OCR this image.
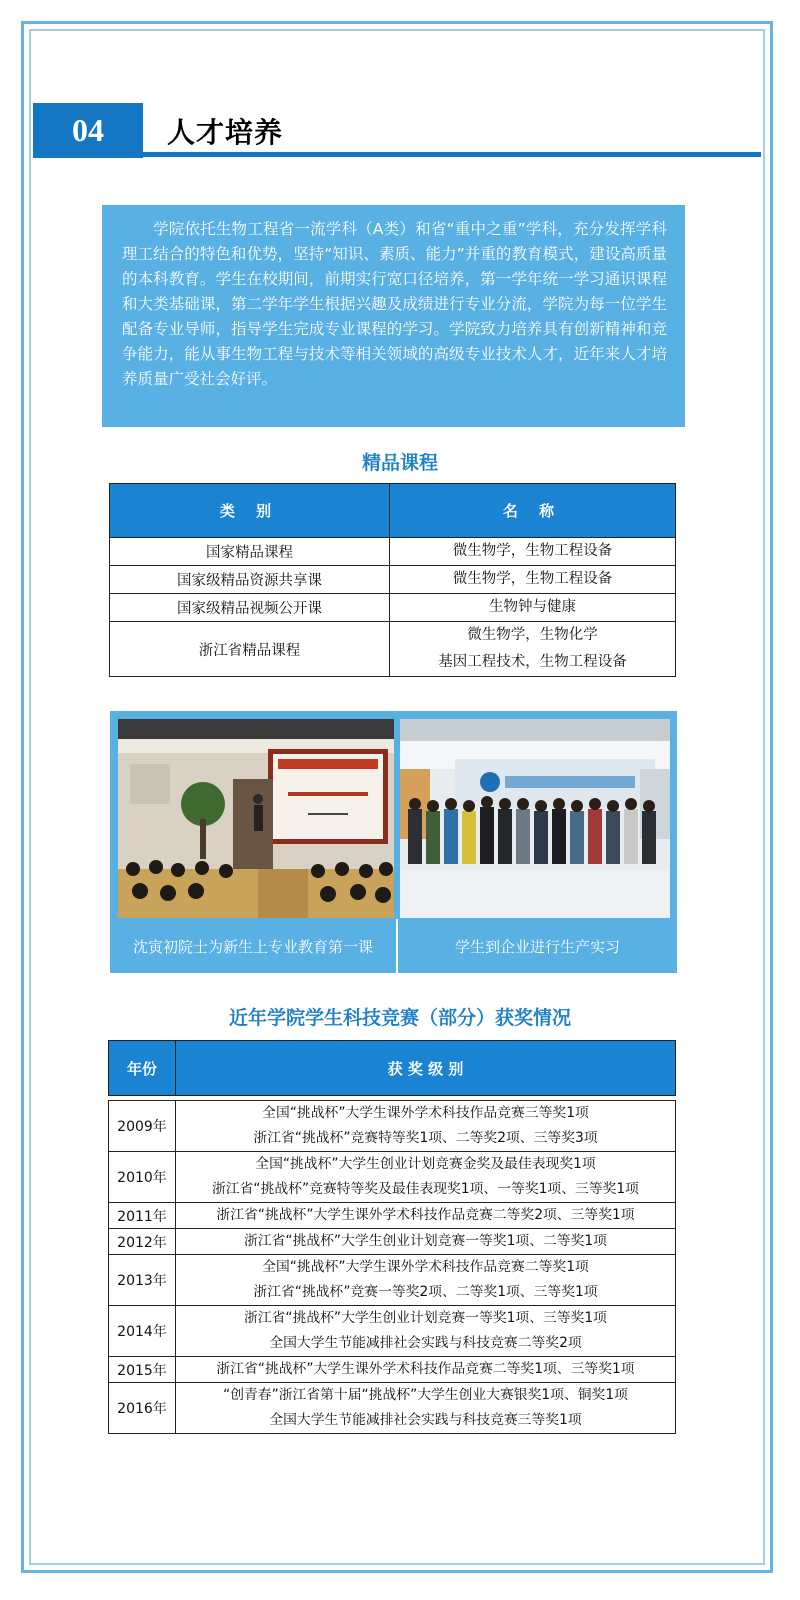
04	人才培养

学院依托生物工程省一流学科（A类）和省“重中之重”学科，充分发挥学科理工结合的特色和优势，坚持“知识、素质、能力”并重的教育模式，建设高质量的本科教育。学生在校期间，前期实行宽口径培养，第一学年统一学习通识课程和大类基础课，第二学年学生根据兴趣及成绩进行专业分流，学院为每一位学生配备专业导师，指导学生完成专业课程的学习。学院致力培养具有创新精神和竞争能力，能从事生物工程与技术等相关领域的高级专业技术人才，近年来人才培养质量广受社会好评。

精品课程
类 别	名 称
国家精品课程	微生物学，生物工程设备

国家级精品资源共享课	微生物学，生物工程设备

国家级精品视频公开课	生物钟与健康

浙江省精品课程	微生物学，生物化学
基因工程技术，生物工程设备
沈寅初院士为新生上专业教育第一课	学生到企业进行生产实习
近年学院学生科技竞赛（部分）获奖情况
年份	获 奖 级 别

2009年	全国“挑战杯”大学生课外学术科技作品竞赛三等奖1项
浙江省“挑战杯”竞赛特等奖1项、二等奖2项、三等奖3项

2010年	全国“挑战杯”大学生创业计划竞赛金奖及最佳表现奖1项
浙江省“挑战杯”竞赛特等奖及最佳表现奖1项、一等奖1项、三等奖1项

2011年	浙江省“挑战杯”大学生课外学术科技作品竞赛二等奖2项、三等奖1项

2012年	浙江省“挑战杯”大学生创业计划竞赛一等奖1项、二等奖1项

2013年	全国“挑战杯”大学生课外学术科技作品竞赛二等奖1项
浙江省“挑战杯”竞赛一等奖2项、二等奖1项、三等奖1项

2014年	浙江省“挑战杯”大学生创业计划竞赛一等奖1项、三等奖1项
全国大学生节能减排社会实践与科技竞赛二等奖2项

2015年	浙江省“挑战杯”大学生课外学术科技作品竞赛二等奖1项、三等奖1项

2016年	“创青春”浙江省第十届“挑战杯”大学生创业大赛银奖1项、铜奖1项
全国大学生节能减排社会实践与科技竞赛三等奖1项
